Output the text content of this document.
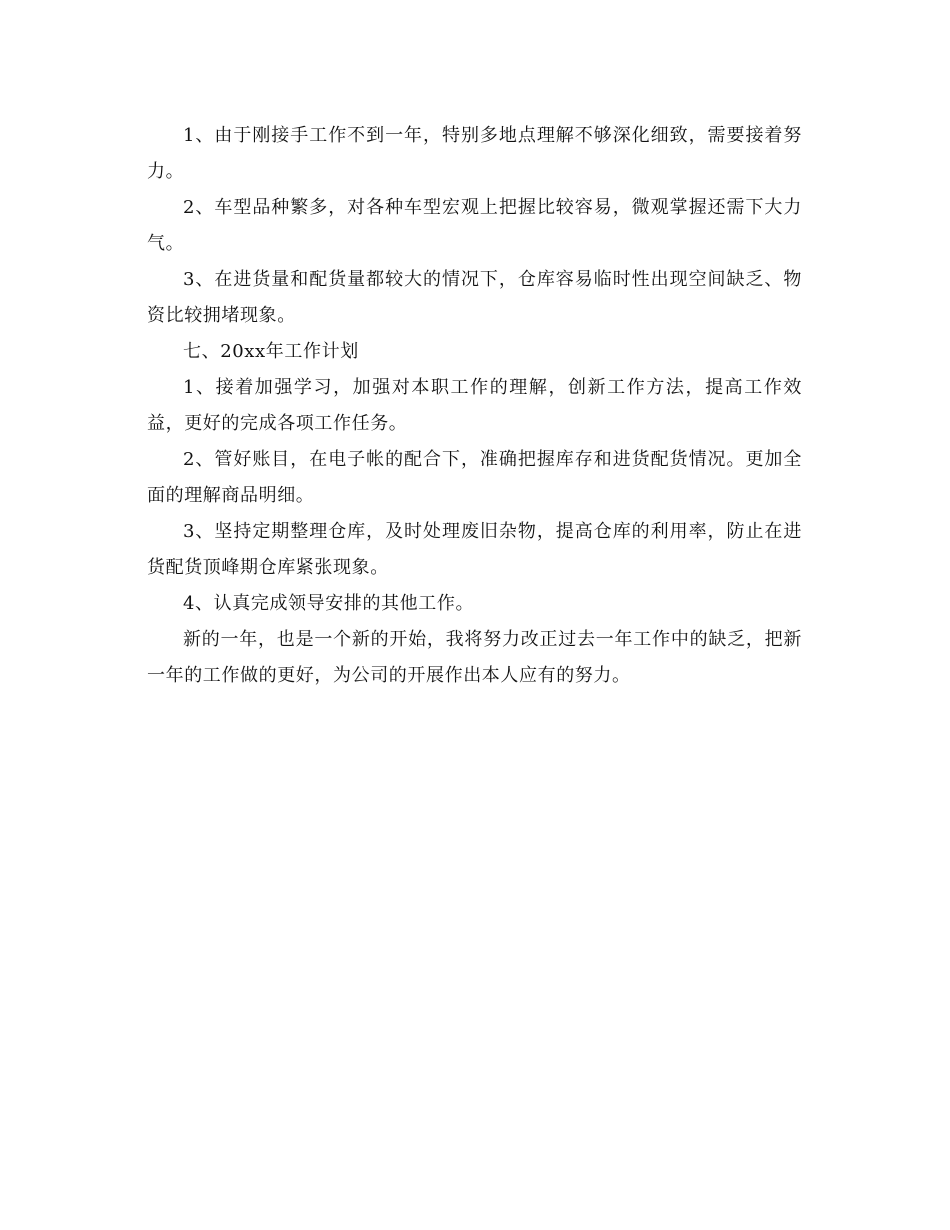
1、由于刚接手工作不到一年，特别多地点理解不够深化细致，需要接着努力。

2、车型品种繁多，对各种车型宏观上把握比较容易，微观掌握还需下大力气。

3、在进货量和配货量都较大的情况下，仓库容易临时性出现空间缺乏、物资比较拥堵现象。

七、20xx年工作计划

1、接着加强学习，加强对本职工作的理解，创新工作方法，提高工作效益，更好的完成各项工作任务。

2、管好账目，在电子帐的配合下，准确把握库存和进货配货情况。更加全面的理解商品明细。

3、坚持定期整理仓库，及时处理废旧杂物，提高仓库的利用率，防止在进货配货顶峰期仓库紧张现象。

4、认真完成领导安排的其他工作。

新的一年，也是一个新的开始，我将努力改正过去一年工作中的缺乏，把新一年的工作做的更好，为公司的开展作出本人应有的努力。
